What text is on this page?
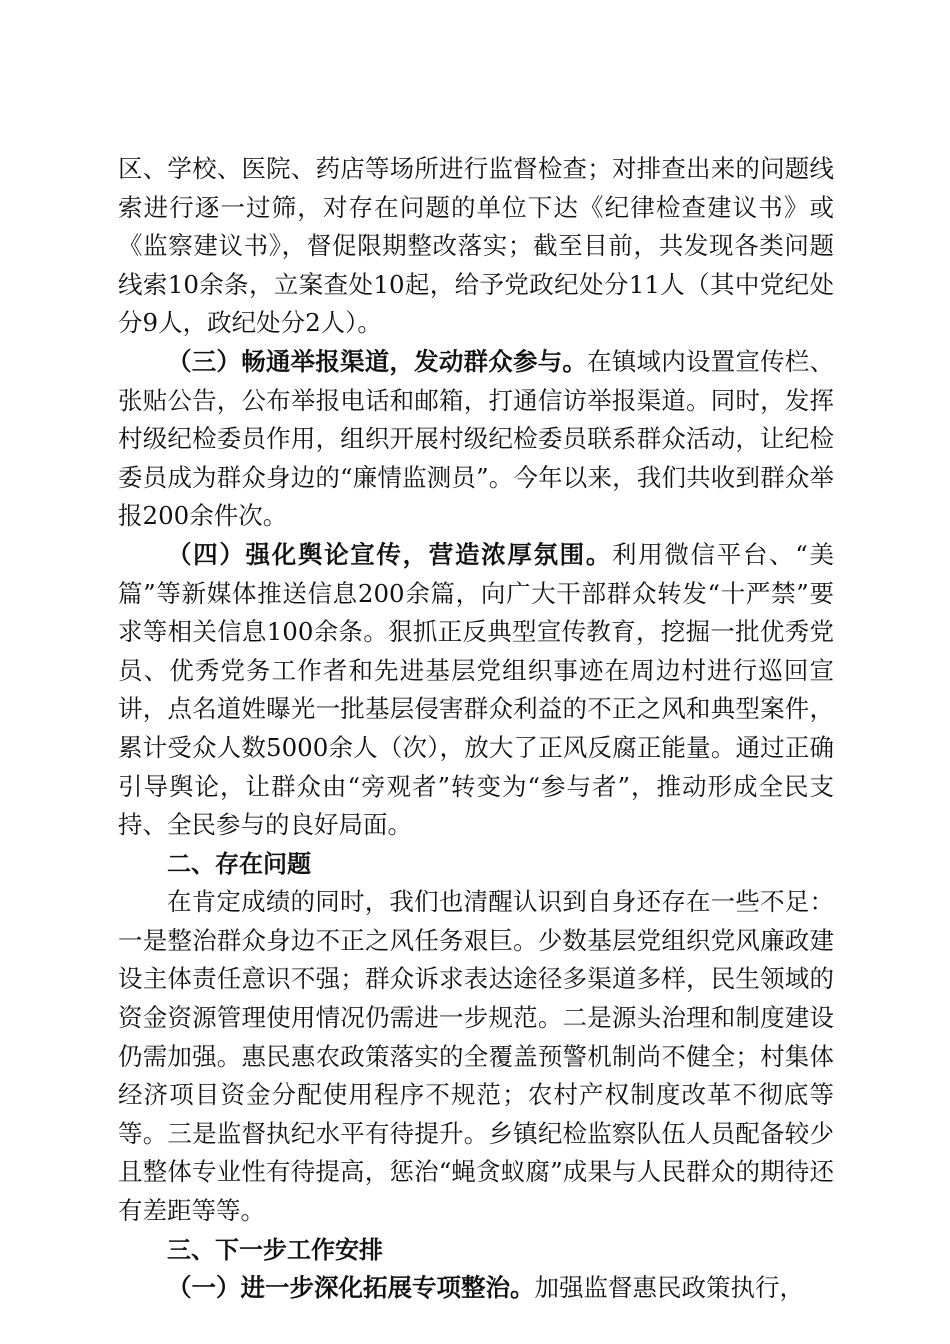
区、学校、医院、药店等场所进行监督检查；对排查出来的问题线索进行逐一过筛，对存在问题的单位下达《纪律检查建议书》或《监察建议书》，督促限期整改落实；截至目前，共发现各类问题线索10余条，立案查处10起，给予党政纪处分11人（其中党纪处分9人，政纪处分2人）。

（三）畅通举报渠道，发动群众参与。在镇域内设置宣传栏、张贴公告，公布举报电话和邮箱，打通信访举报渠道。同时，发挥村级纪检委员作用，组织开展村级纪检委员联系群众活动，让纪检委员成为群众身边的“廉情监测员”。今年以来，我们共收到群众举报200余件次。

（四）强化舆论宣传，营造浓厚氛围。利用微信平台、“美篇”等新媒体推送信息200余篇，向广大干部群众转发“十严禁”要求等相关信息100余条。狠抓正反典型宣传教育，挖掘一批优秀党员、优秀党务工作者和先进基层党组织事迹在周边村进行巡回宣讲，点名道姓曝光一批基层侵害群众利益的不正之风和典型案件，累计受众人数5000余人（次），放大了正风反腐正能量。通过正确引导舆论，让群众由“旁观者”转变为“参与者”，推动形成全民支持、全民参与的良好局面。

二、存在问题

在肯定成绩的同时，我们也清醒认识到自身还存在一些不足：一是整治群众身边不正之风任务艰巨。少数基层党组织党风廉政建设主体责任意识不强；群众诉求表达途径多渠道多样，民生领域的资金资源管理使用情况仍需进一步规范。二是源头治理和制度建设仍需加强。惠民惠农政策落实的全覆盖预警机制尚不健全；村集体经济项目资金分配使用程序不规范；农村产权制度改革不彻底等等。三是监督执纪水平有待提升。乡镇纪检监察队伍人员配备较少且整体专业性有待提高，惩治“蝇贪蚁腐”成果与人民群众的期待还有差距等等。

三、下一步工作安排

（一）进一步深化拓展专项整治。加强监督惠民政策执行，
